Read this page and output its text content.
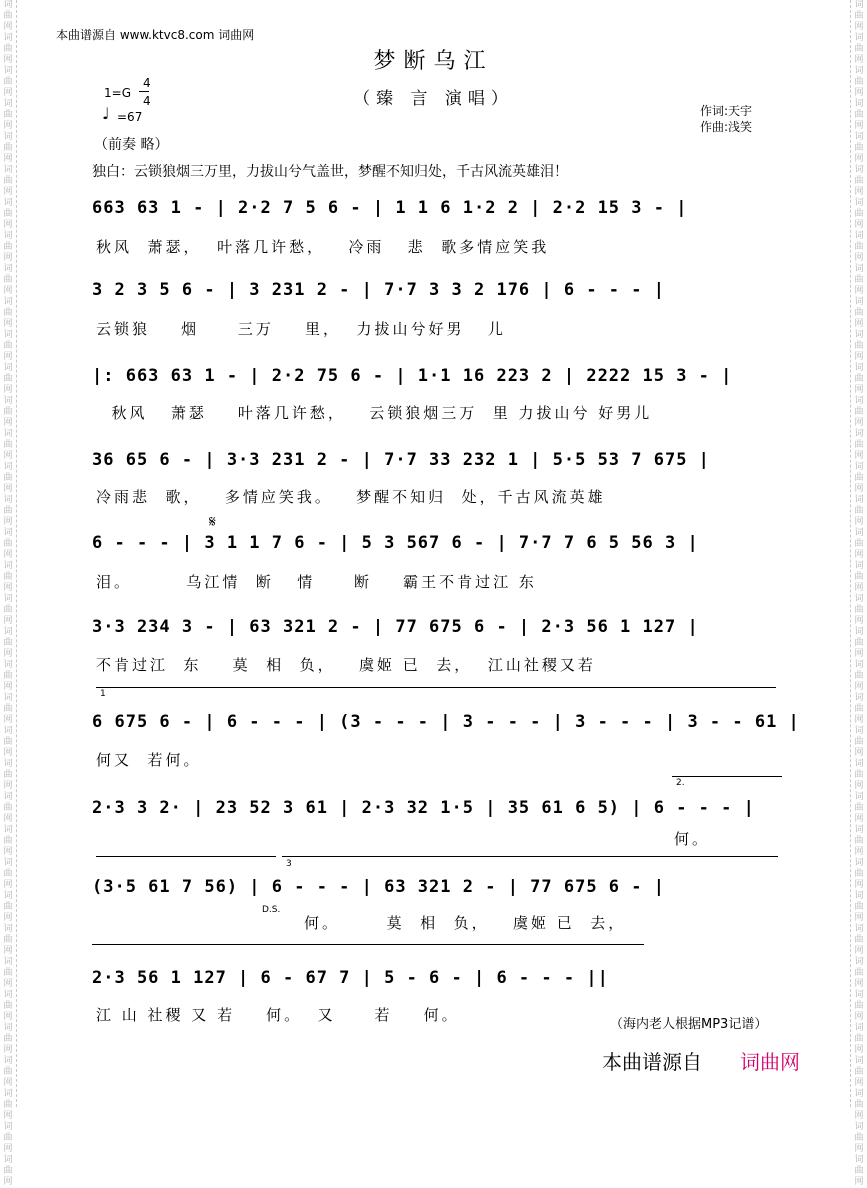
词曲网词曲网词曲网词曲网词曲网词曲网词曲网词曲网词曲网词曲网词曲网词曲网词曲网词曲网词曲网词曲网词曲网词曲网词曲网词曲网词曲网词曲网词曲网词曲网词曲网词曲网词曲网词曲网词曲网词曲网词曲网词曲网词曲网词曲网词曲网词曲网
词曲网词曲网词曲网词曲网词曲网词曲网词曲网词曲网词曲网词曲网词曲网词曲网词曲网词曲网词曲网词曲网词曲网词曲网词曲网词曲网词曲网词曲网词曲网词曲网词曲网词曲网词曲网词曲网词曲网词曲网词曲网词曲网词曲网词曲网词曲网词曲网
本曲谱源自 www.ktvc8.com 词曲网
梦断乌江
（臻 言 演唱）
1=G
4
4
♩ =67	作词:天宇
作曲:浅笑
（前奏 略）
独白：云锁狼烟三万里，力拔山兮气盖世，梦醒不知归处，千古风流英雄泪！
663 63 1 - | 2·2 7 5 6 - | 1 1 6 1·2 2 | 2·2 15 3 - |
秋风  萧瑟，  叶落几许愁，   冷雨   悲  歌多情应笑我
3 2 3 5 6 - | 3 231 2 - | 7·7 3 3 2 176 | 6 - - - |
云锁狼    烟     三万    里，  力拔山兮好男   儿
|: 663 63 1 - | 2·2 75 6 - | 1·1 16 223 2 | 2222 15 3 - |
秋风   萧瑟    叶落几许愁，   云锁狼烟三万  里 力拔山兮 好男儿
36 65 6 - | 3·3 231 2 - | 7·7 33 232 1 | 5·5 53 7 675 |
冷雨悲  歌，   多情应笑我。   梦醒不知归  处，千古风流英雄
𝄋
6 - - - | 3 1 1 7 6 - | 5 3 567 6 - | 7·7 7 6 5 56 3 |
泪。       乌江情  断   情     断    霸王不肯过江 东
3·3 234 3 - | 63 321 2 - | 77 675 6 - | 2·3 56 1 127 |
不肯过江  东    莫  相  负，   虞姬 已  去，  江山社稷又若
1
6 675 6 - | 6 - - - | (3 - - - | 3 - - - | 3 - - - | 3 - - 61 |
何又  若何。
2.
2·3 3 2· | 23 52 3 61 | 2·3 32 1·5 | 35 61 6 5) | 6 - - - |
何。
3
(3·5 61 7 56) | 6 - - - | 63 321 2 - | 77 675 6 - |
D.S.
何。      莫  相  负，   虞姬 已  去，
2·3 56 1 127 | 6 - 67 7 | 5 - 6 - | 6 - - - ||
江 山 社稷 又 若    何。  又     若    何。
（海内老人根据MP3记谱）
本曲谱源自 词曲网
